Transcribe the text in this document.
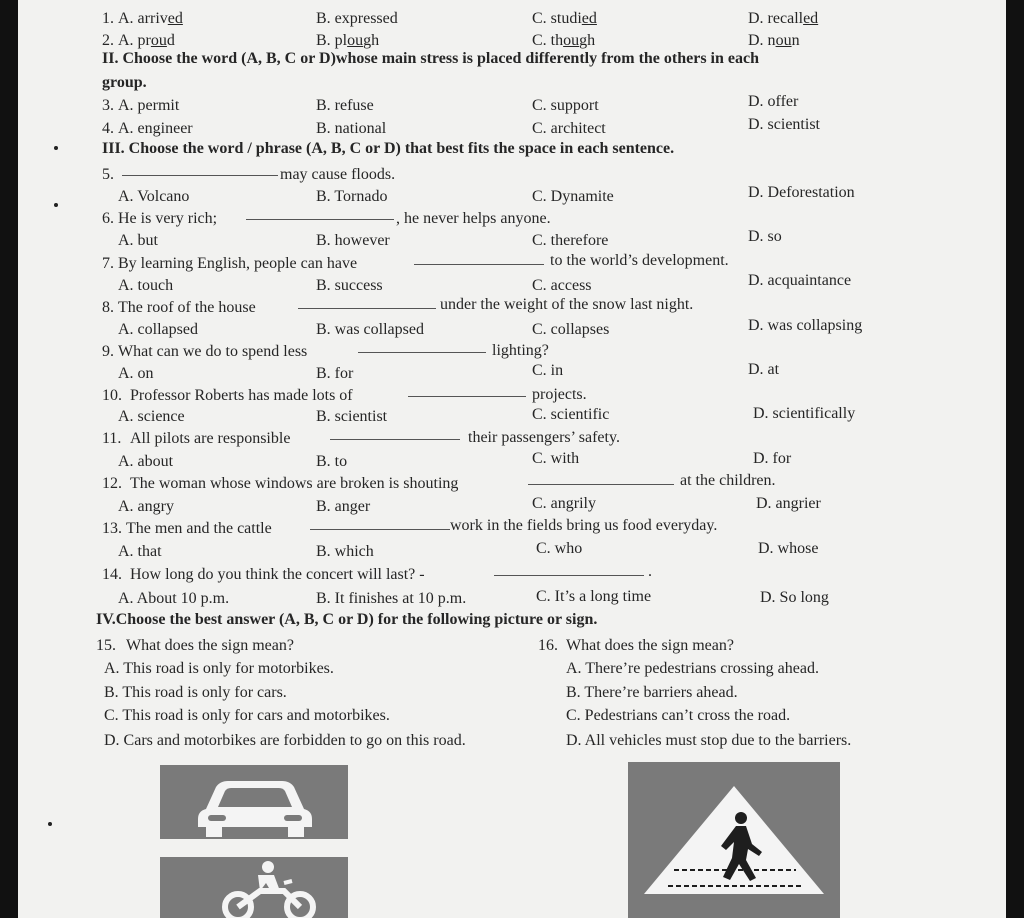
1. A. arrived	B. expressed	C. studied	D. recalled
2. A. proud	B. plough	C. though	D. noun
II. Choose the word (A, B, C or D)whose main stress is placed differently from the others in each
group.
3. A. permit	B. refuse	C. support	D. offer
4. A. engineer	B. national	C. architect	D. scientist
III. Choose the word / phrase (A, B, C or D) that best fits the space in each sentence.
5.	may cause floods.
A. Volcano	B. Tornado	C. Dynamite	D. Deforestation
6. He is very rich;	, he never helps anyone.
A. but	B. however	C. therefore	D. so
7. By learning English, people can have	to the world’s development.
A. touch	B. success	C. access	D. acquaintance
8. The roof of the house	under the weight of the snow last night.
A. collapsed	B. was collapsed	C. collapses	D. was collapsing
9. What can we do to spend less	lighting?
A. on	B. for	C. in	D. at
10. Professor Roberts has made lots of	projects.
A. science	B. scientist	C. scientific	D. scientifically
11. All pilots are responsible	their passengers’ safety.
A. about	B. to	C. with	D. for
12. The woman whose windows are broken is shouting	at the children.
A. angry	B. anger	C. angrily	D. angrier
13. The men and the cattle	work in the fields bring us food everyday.
A. that	B. which	C. who	D. whose
14. How long do you think the concert will last? -	.
A. About 10 p.m.	B. It finishes at 10 p.m.	C. It’s a long time	D. So long
IV.Choose the best answer (A, B, C or D) for the following picture or sign.
15. What does the sign mean?	16. What does the sign mean?
A. This road is only for motorbikes.	A. There’re pedestrians crossing ahead.
B. This road is only for cars.	B. There’re barriers ahead.
C. This road is only for cars and motorbikes.	C. Pedestrians can’t cross the road.
D. Cars and motorbikes are forbidden to go on this road.	D. All vehicles must stop due to the barriers.
